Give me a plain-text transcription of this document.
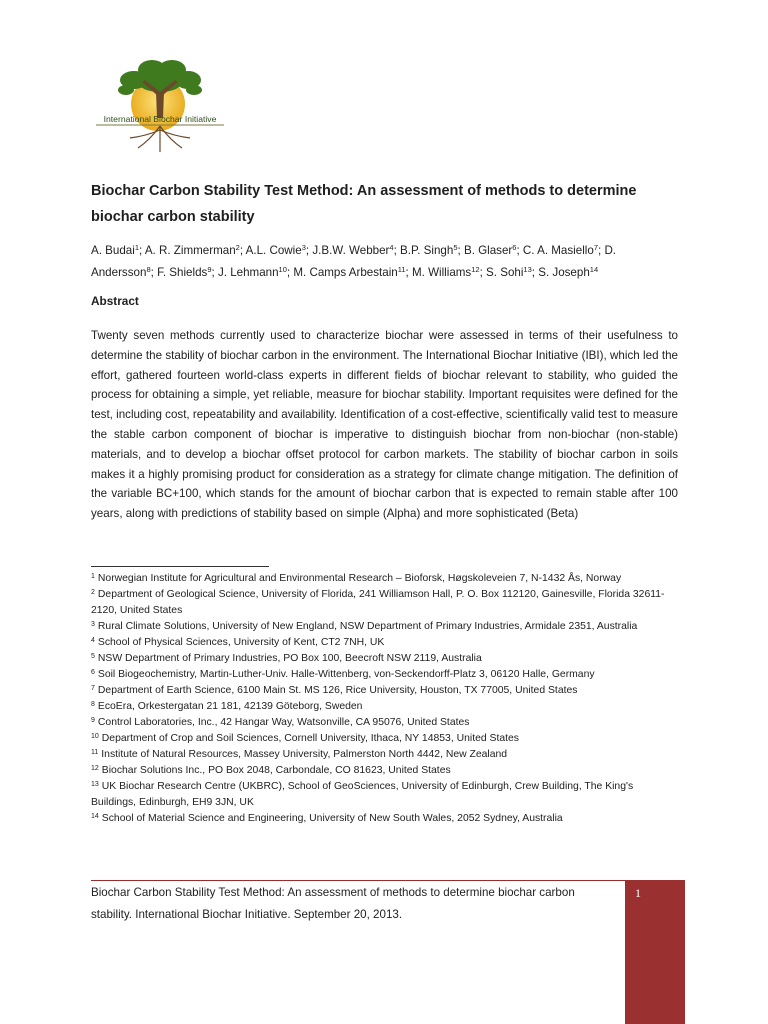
International Biochar Initiative
Biochar Carbon Stability Test Method: An assessment of methods to determine biochar carbon stability
A. Budai$^1$; A. R. Zimmerman$^2$; A.L. Cowie$^3$; J.B.W. Webber$^4$; B.P. Singh$^5$; B. Glaser$^6$; C. A. Masiello$^7$; D. Andersson$^8$; F. Shields$^9$; J. Lehmann$^{10}$; M. Camps Arbestain$^{11}$; M. Williams$^{12}$; S. Sohi$^{13}$; S. Joseph$^{14}$
Abstract

Twenty seven methods currently used to characterize biochar were assessed in terms of their usefulness to determine the stability of biochar carbon in the environment. The International Biochar Initiative (IBI), which led the effort, gathered fourteen world-class experts in different fields of biochar relevant to stability, who guided the process for obtaining a simple, yet reliable, measure for biochar stability. Important requisites were defined for the test, including cost, repeatability and availability. Identification of a cost-effective, scientifically valid test to measure the stable carbon component of biochar is imperative to distinguish biochar from non-biochar (non-stable) materials, and to develop a biochar offset protocol for carbon markets. The stability of biochar carbon in soils makes it a highly promising product for consideration as a strategy for climate change mitigation. The definition of the variable BC+100, which stands for the amount of biochar carbon that is expected to remain stable after 100 years, along with predictions of stability based on simple (Alpha) and more sophisticated (Beta)

$^1$ Norwegian Institute for Agricultural and Environmental Research – Bioforsk, Høgskoleveien 7, N-1432 Ås, Norway
$^2$ Department of Geological Science, University of Florida, 241 Williamson Hall, P. O. Box 112120, Gainesville, Florida 32611-2120, United States
$^3$ Rural Climate Solutions, University of New England, NSW Department of Primary Industries, Armidale 2351, Australia
$^4$ School of Physical Sciences, University of Kent, CT2 7NH, UK
$^5$ NSW Department of Primary Industries, PO Box 100, Beecroft NSW 2119, Australia
$^6$ Soil Biogeochemistry, Martin-Luther-Univ. Halle-Wittenberg, von-Seckendorff-Platz 3, 06120 Halle, Germany
$^7$ Department of Earth Science, 6100 Main St. MS 126, Rice University, Houston, TX 77005, United States
$^8$ EcoEra, Orkestergatan 21 181, 42139 Göteborg, Sweden
$^9$ Control Laboratories, Inc., 42 Hangar Way, Watsonville, CA 95076, United States
$^{10}$ Department of Crop and Soil Sciences, Cornell University, Ithaca, NY 14853, United States
$^{11}$ Institute of Natural Resources, Massey University, Palmerston North 4442, New Zealand
$^{12}$ Biochar Solutions Inc., PO Box 2048, Carbondale, CO 81623, United States
$^{13}$ UK Biochar Research Centre (UKBRC), School of GeoSciences, University of Edinburgh, Crew Building, The King's Buildings, Edinburgh, EH9 3JN, UK
$^{14}$ School of Material Science and Engineering, University of New South Wales, 2052 Sydney, Australia

Biochar Carbon Stability Test Method: An assessment of methods to determine biochar carbon stability. International Biochar Initiative. September 20, 2013.

1
